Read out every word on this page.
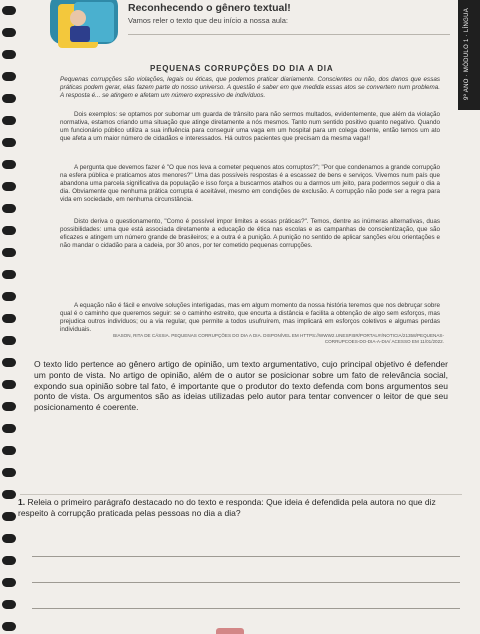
Reconhecendo o gênero textual!
Vamos reler o texto que deu início a nossa aula:	9º ANO · MÓDULO 1 · LÍNGUA
PEQUENAS CORRUPÇÕES DO DIA A DIA
Pequenas corrupções são violações, legais ou éticas, que podemos praticar diariamente. Conscientes ou não, dos danos que essas práticas podem gerar, elas fazem parte do nosso universo. A questão é saber em que medida essas atos se convertem num problema. A resposta é... se atingem e afetam um número expressivo de indivíduos.
Dois exemplos: se optamos por subornar um guarda de trânsito para não sermos multados, evidentemente, que além da violação normativa, estamos criando uma situação que atinge diretamente a nós mesmos. Tanto num sentido positivo quanto negativo. Quando um funcionário público utiliza a sua influência para conseguir uma vaga em um hospital para um colega doente, então temos um ato que afeta a um maior número de cidadãos e interessados. Há outros pacientes que precisam da mesma vaga!!
A pergunta que devemos fazer é "O que nos leva a cometer pequenos atos corruptos?"; "Por que condenamos a grande corrupção na esfera pública e praticamos atos menores?" Uma das possíveis respostas é a escassez de bens e serviços. Vivemos num país que abandona uma parcela significativa da população e isso força a buscarmos atalhos ou a darmos um jeito, para podermos seguir o dia a dia. Obviamente que nenhuma prática corrupta é aceitável, mesmo em condições de exclusão. A corrupção não pode ser a regra para vida em sociedade, em nenhuma circunstância.
Disto deriva o questionamento, "Como é possível impor limites a essas práticas?". Temos, dentre as inúmeras alternativas, duas possibilidades: uma que está associada diretamente a educação de ética nas escolas e as campanhas de conscientização, que são eficazes e atingem um número grande de brasileiros; e a outra é a punição. A punição no sentido de aplicar sanções e/ou orientações e não mandar o cidadão para a cadeia, por 30 anos, por ter cometido pequenas corrupções.
A equação não é fácil e envolve soluções interligadas, mas em algum momento da nossa história teremos que nos debruçar sobre qual é o caminho que queremos seguir: se o caminho estreito, que encurta a distância e facilita a obtenção de algo sem esforços, mas prejudica outros indivíduos; ou a via regular, que permite a todos usufruírem, mas implicará em esforços coletivos e algumas perdas individuais.
BIASON, RITA DE CÁSSIA. PEQUENAS CORRUPÇÕES DO DIA A DIA. DISPONÍVEL EM HTTPS://WWW2.UNESP.BR/PORTAL#!/NOTICIA/21358/PEQUENAS-CORRUPCOES-DO-DIA-A-DIA/ ACESSO EM 11/01/2022.
O texto lido pertence ao gênero artigo de opinião, um texto argumentativo, cujo principal objetivo é defender um ponto de vista. No artigo de opinião, além de o autor se posicionar sobre um fato de relevância social, expondo sua opinião sobre tal fato, é importante que o produtor do texto defenda com bons argumentos seu ponto de vista. Os argumentos são as ideias utilizadas pelo autor para tentar convencer o leitor de que seu posicionamento é coerente.
1. Releia o primeiro parágrafo destacado no do texto e responda: Que ideia é defendida pela autora no que diz respeito à corrupção praticada pelas pessoas no dia a dia?
